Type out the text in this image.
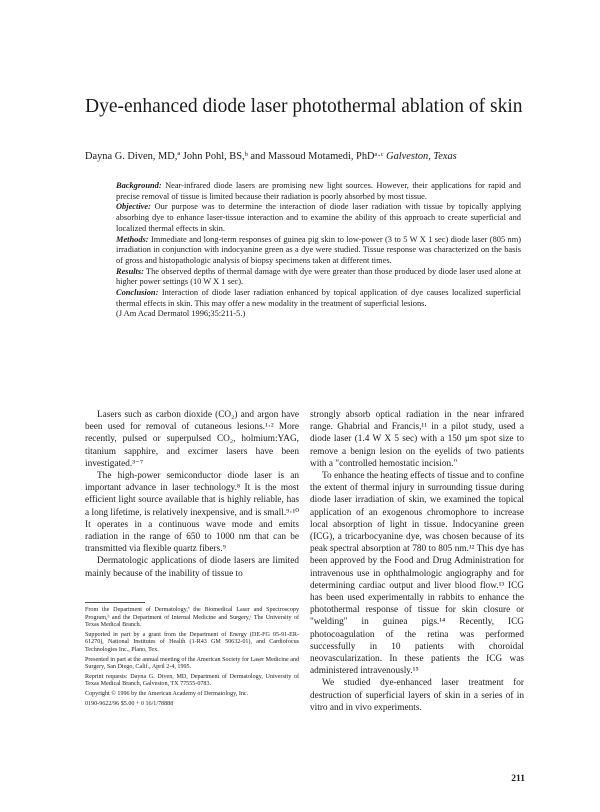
Dye-enhanced diode laser photothermal ablation of skin
Dayna G. Diven, MD,ª John Pohl, BS,ᵇ and Massoud Motamedi, PhDᵃ·ᶜ Galveston, Texas

Background: Near-infrared diode lasers are promising new light sources. However, their applications for rapid and precise removal of tissue is limited because their radiation is poorly absorbed by most tissue.

Objective: Our purpose was to determine the interaction of diode laser radiation with tissue by topically applying absorbing dye to enhance laser-tissue interaction and to examine the ability of this approach to create superficial and localized thermal effects in skin.

Methods: Immediate and long-term responses of guinea pig skin to low-power (3 to 5 W X 1 sec) diode laser (805 nm) irradiation in conjunction with indocyanine green as a dye were studied. Tissue response was characterized on the basis of gross and histopathologic analysis of biopsy specimens taken at different times.

Results: The observed depths of thermal damage with dye were greater than those produced by diode laser used alone at higher power settings (10 W X 1 sec).

Conclusion: Interaction of diode laser radiation enhanced by topical application of dye causes localized superficial thermal effects in skin. This may offer a new modality in the treatment of superficial lesions.

(J Am Acad Dermatol 1996;35:211-5.)

Lasers such as carbon dioxide (CO₂) and argon have been used for removal of cutaneous lesions.¹·² More recently, pulsed or superpulsed CO₂, holmium:YAG, titanium sapphire, and excimer lasers have been investigated.³⁻⁷

The high-power semiconductor diode laser is an important advance in laser technology.⁸ It is the most efficient light source available that is highly reliable, has a long lifetime, is relatively inexpensive, and is small.⁹·¹⁰ It operates in a continuous wave mode and emits radiation in the range of 650 to 1000 nm that can be transmitted via flexible quartz fibers.⁹

Dermatologic applications of diode lasers are limited mainly because of the inability of tissue to

From the Department of Dermatology,ª the Biomedical Laser and Spectroscopy Program,ᵇ and the Department of Internal Medicine and Surgery,ᶜ The University of Texas Medical Branch.

Supported in part by a grant from the Department of Energy (DE-FG 05-91-ER-61270), National Institutes of Health (1-R43 GM 50632-01), and Cardiofocus Technologies Inc., Plano, Tex.

Presented in part at the annual meeting of the American Society for Laser Medicine and Surgery, San Diego, Calif., April 2-4, 1995.

Reprint requests: Dayna G. Diven, MD, Department of Dermatology, University of Texas Medical Branch, Galveston, TX 77555-0783.

Copyright © 1996 by the American Academy of Dermatology, Inc.

0190-9622/96 $5.00 + 0 16/1/78888

strongly absorb optical radiation in the near infrared range. Ghabrial and Francis,¹¹ in a pilot study, used a diode laser (1.4 W X 5 sec) with a 150 μm spot size to remove a benign lesion on the eyelids of two patients with a "controlled hemostatic incision."

To enhance the heating effects of tissue and to confine the extent of thermal injury in surrounding tissue during diode laser irradiation of skin, we examined the topical application of an exogenous chromophore to increase local absorption of light in tissue. Indocyanine green (ICG), a tricarbocyanine dye, was chosen because of its peak spectral absorption at 780 to 805 nm.¹² This dye has been approved by the Food and Drug Administration for intravenous use in ophthalmologic angiography and for determining cardiac output and liver blood flow.¹³ ICG has been used experimentally in rabbits to enhance the photothermal response of tissue for skin closure or "welding" in guinea pigs.¹⁴ Recently, ICG photocoagulation of the retina was performed successfully in 10 patients with choroidal neovascularization. In these patients the ICG was administered intravenously.¹⁵

We studied dye-enhanced laser treatment for destruction of superficial layers of skin in a series of in vitro and in vivo experiments.

211
